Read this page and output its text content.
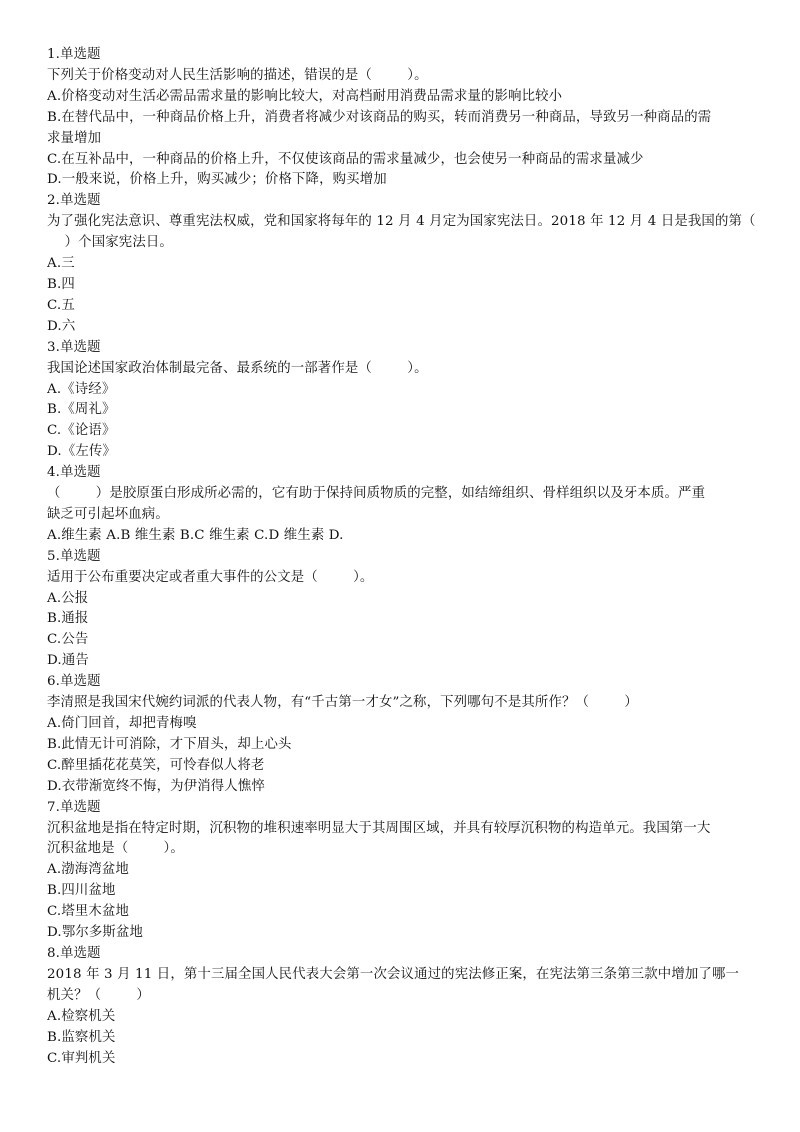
1.单选题
下列关于价格变动对人民生活影响的描述，错误的是（        ）。
A.价格变动对生活必需品需求量的影响比较大，对高档耐用消费品需求量的影响比较小
B.在替代品中，一种商品价格上升，消费者将减少对该商品的购买，转而消费另一种商品，导致另一种商品的需
求量增加
C.在互补品中，一种商品的价格上升，不仅使该商品的需求量减少，也会使另一种商品的需求量减少
D.一般来说，价格上升，购买减少；价格下降，购买增加
2.单选题
为了强化宪法意识、尊重宪法权威，党和国家将每年的 12 月 4 月定为国家宪法日。2018 年 12 月 4 日是我国的第（
）个国家宪法日。
A.三
B.四
C.五
D.六
3.单选题
我国论述国家政治体制最完备、最系统的一部著作是（        ）。
A.《诗经》
B.《周礼》
C.《论语》
D.《左传》
4.单选题
（        ）是胶原蛋白形成所必需的，它有助于保持间质物质的完整，如结缔组织、骨样组织以及牙本质。严重
缺乏可引起坏血病。
A.维生素 A.B 维生素 B.C 维生素 C.D 维生素 D.
5.单选题
适用于公布重要决定或者重大事件的公文是（        ）。
A.公报
B.通报
C.公告
D.通告
6.单选题
李清照是我国宋代婉约词派的代表人物，有“千古第一才女”之称，下列哪句不是其所作？（        ）
A.倚门回首，却把青梅嗅
B.此情无计可消除，才下眉头，却上心头
C.醉里插花花莫笑，可怜春似人将老
D.衣带渐宽终不悔，为伊消得人憔悴
7.单选题
沉积盆地是指在特定时期，沉积物的堆积速率明显大于其周围区域，并具有较厚沉积物的构造单元。我国第一大
沉积盆地是（        ）。
A.渤海湾盆地
B.四川盆地
C.塔里木盆地
D.鄂尔多斯盆地
8.单选题
2018 年 3 月 11 日，第十三届全国人民代表大会第一次会议通过的宪法修正案，在宪法第三条第三款中增加了哪一
机关？（        ）
A.检察机关
B.监察机关
C.审判机关
